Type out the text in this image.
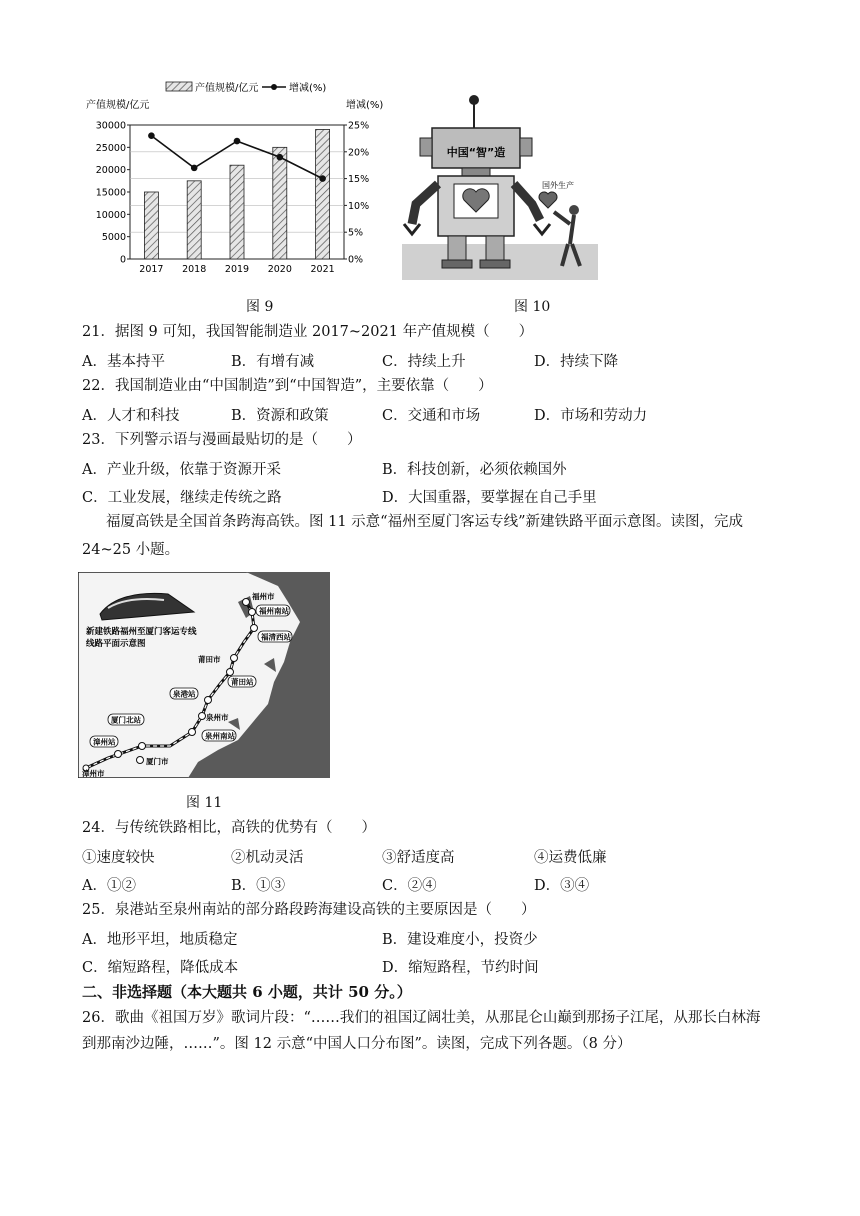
产值规模/亿元	增减(%)
产值规模/亿元	增减(%)
30000
25000
20000
15000
10000
5000
0
25%
20%
15%
10%
5%
0%
2017 2018 2019 2020 2021
图 9
中国“智”造
国外生产
图 10
21．据图 9 可知，我国智能制造业 2017~2021 年产值规模（　　）
A．基本持平	B．有增有减	C．持续上升	D．持续下降
22．我国制造业由“中国制造”到“中国智造”，主要依靠（　　）
A．人才和科技	B．资源和政策	C．交通和市场	D．市场和劳动力
23．下列警示语与漫画最贴切的是（　　）
A．产业升级，依靠于资源开采	B．科技创新，必须依赖国外
C．工业发展，继续走传统之路	D．大国重器，要掌握在自己手里
福厦高铁是全国首条跨海高铁。图 11 示意“福州至厦门客运专线”新建铁路平面示意图。读图，完成
24~25 小题。
新建铁路福州至厦门客运专线
线路平面示意图
福州市
福州南站
福清西站
莆田市
莆田站
泉港站
泉州市
泉州南站
厦门北站
漳州站
厦门市
漳州市
图 11
24．与传统铁路相比，高铁的优势有（　　）
①速度较快	②机动灵活	③舒适度高	④运费低廉
A．①②	B．①③	C．②④	D．③④
25．泉港站至泉州南站的部分路段跨海建设高铁的主要原因是（　　）
A．地形平坦，地质稳定	B．建设难度小，投资少
C．缩短路程，降低成本	D．缩短路程，节约时间
二、非选择题（本大题共 6 小题，共计 50 分。）
26．歌曲《祖国万岁》歌词片段：“……我们的祖国辽阔壮美，从那昆仑山巅到那扬子江尾，从那长白林海
到那南沙边陲，……”。图 12 示意“中国人口分布图”。读图，完成下列各题。（8 分）
